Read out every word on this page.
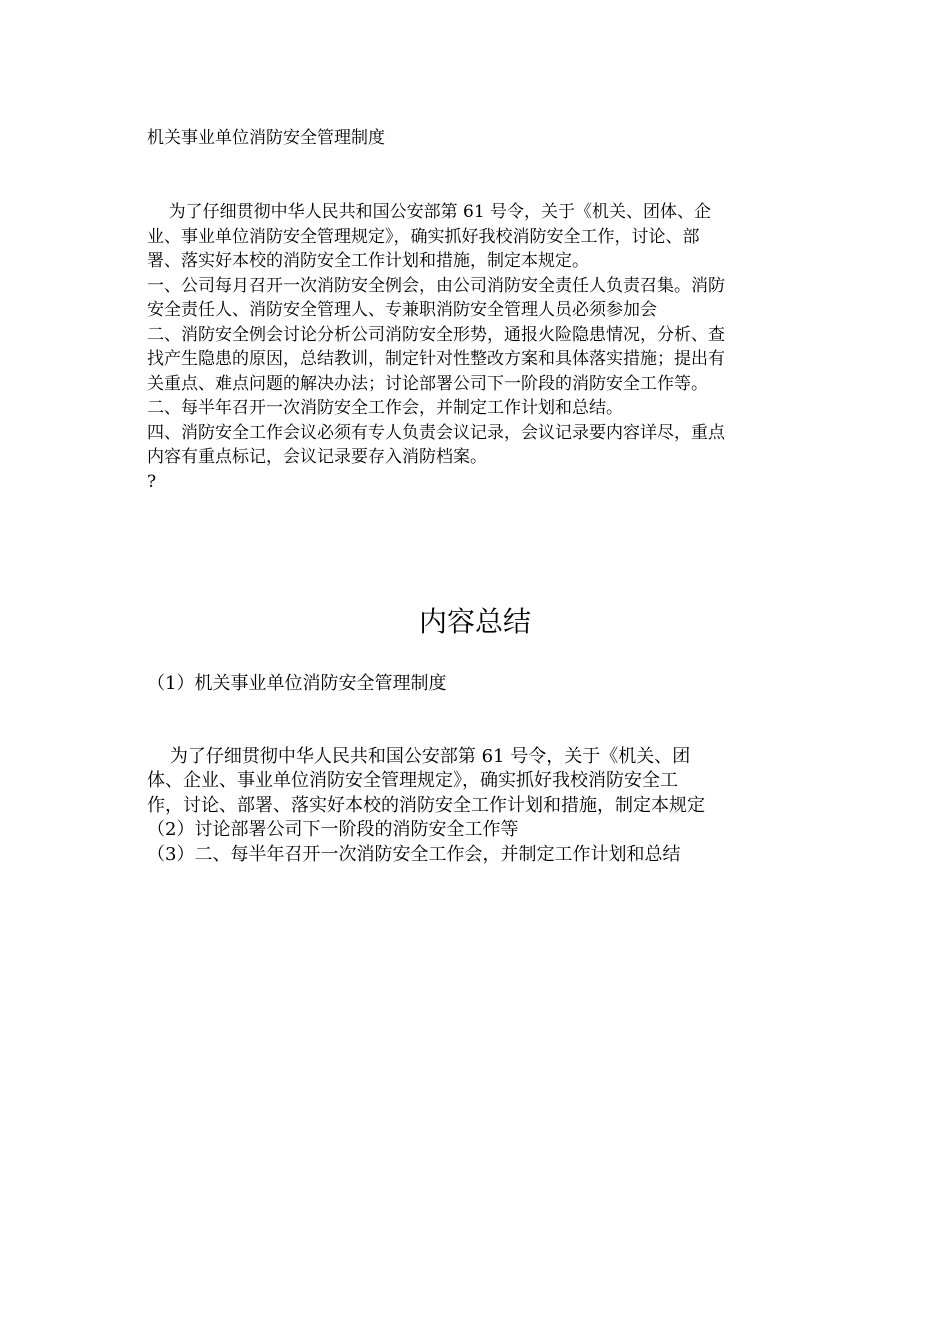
机关事业单位消防安全管理制度

为了仔细贯彻中华人民共和国公安部第 61 号令，关于《机关、团体、企

业、事业单位消防安全管理规定》，确实抓好我校消防安全工作，讨论、部

署、落实好本校的消防安全工作计划和措施，制定本规定。

一、公司每月召开一次消防安全例会，由公司消防安全责任人负责召集。消防

安全责任人、消防安全管理人、专兼职消防安全管理人员必须参加会

二、消防安全例会讨论分析公司消防安全形势，通报火险隐患情况，分析、查

找产生隐患的原因，总结教训，制定针对性整改方案和具体落实措施；提出有

关重点、难点问题的解决办法；讨论部署公司下一阶段的消防安全工作等。

二、每半年召开一次消防安全工作会，并制定工作计划和总结。

四、消防安全工作会议必须有专人负责会议记录，会议记录要内容详尽，重点

内容有重点标记，会议记录要存入消防档案。

?

内容总结

（1）机关事业单位消防安全管理制度

为了仔细贯彻中华人民共和国公安部第 61 号令，关于《机关、团

体、企业、事业单位消防安全管理规定》，确实抓好我校消防安全工

作，讨论、部署、落实好本校的消防安全工作计划和措施，制定本规定

（2）讨论部署公司下一阶段的消防安全工作等

（3）二、每半年召开一次消防安全工作会，并制定工作计划和总结
